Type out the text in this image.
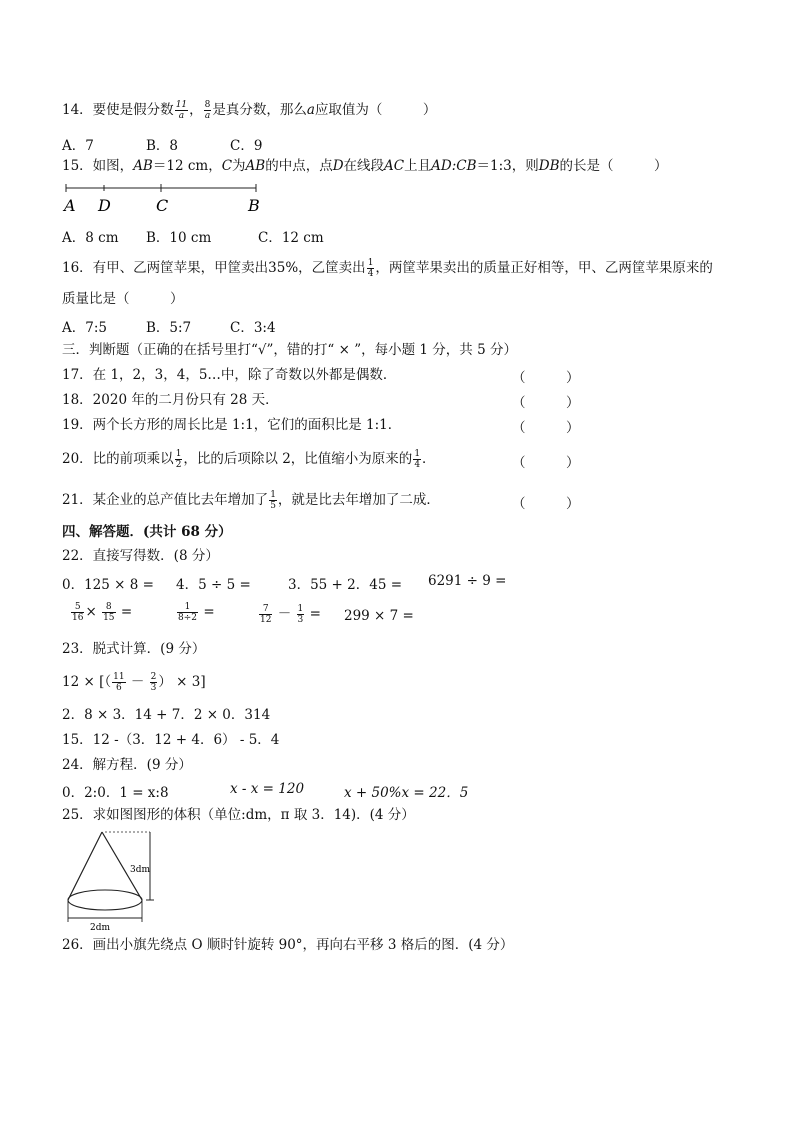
14．要使是假分数 $\frac{11}{a}$ ， $\frac{8}{a}$ 是真分数，那么a应取值为（　　　）
A．7	B．8	C．9
15．如图，AB＝12 cm，C为AB的中点，点D在线段AC上且AD:CB＝1:3，则DB的长是（　　　）
A D	C	B
A．8 cm B．10 cm	C．12 cm
16．有甲、乙两筐苹果，甲筐卖出35%，乙筐卖出 $\frac{1}{4}$ ，两筐苹果卖出的质量正好相等，甲、乙两筐苹果原来的
质量比是（　　　）
A．7:5	B．5:7	C．3:4
三．判断题（正确的在括号里打“√”，错的打“ × ”，每小题 1 分，共 5 分）
17．在 1，2，3，4，5…中，除了奇数以外都是偶数．	（　　　）
18．2020 年的二月份只有 28 天．	（　　　）
19．两个长方形的周长比是 1:1，它们的面积比是 1:1．	（　　　）
20．比的前项乘以 $\frac{1}{2}$ ，比的后项除以 2，比值缩小为原来的 $\frac{1}{4}$ ．	（　　　）
21．某企业的总产值比去年增加了 $\frac{1}{5}$ ，就是比去年增加了二成．	（　　　）
四、解答题．(共计 68 分）
22．直接写得数．(8 分）
0．125 × 8 = 4．5 ÷ 5 =	3．55 + 2．45 = 6291 ÷ 9 =
$\frac{5}{16} \times \frac{8}{15}$ =	$\frac{1}{8\div 2}$ =	$\frac{7}{12} - \frac{1}{3} = 299 \times 7$ =
23．脱式计算．(9 分）
12 × [（ $\frac{11}{6} - \frac{2}{3}$ ） × 3]
2．8 × 3．14 + 7．2 × 0．314
15．12 -（3．12 + 4．6） - 5．4
24．解方程．(9 分）
0．2:0．1 = x:8	x - x = 120	x + 50%x = 22．5
25．求如图图形的体积（单位:dm，π 取 3．14)．(4 分）
3dm
2dm
26．画出小旗先绕点 O 顺时针旋转 90°，再向右平移 3 格后的图．(4 分）
